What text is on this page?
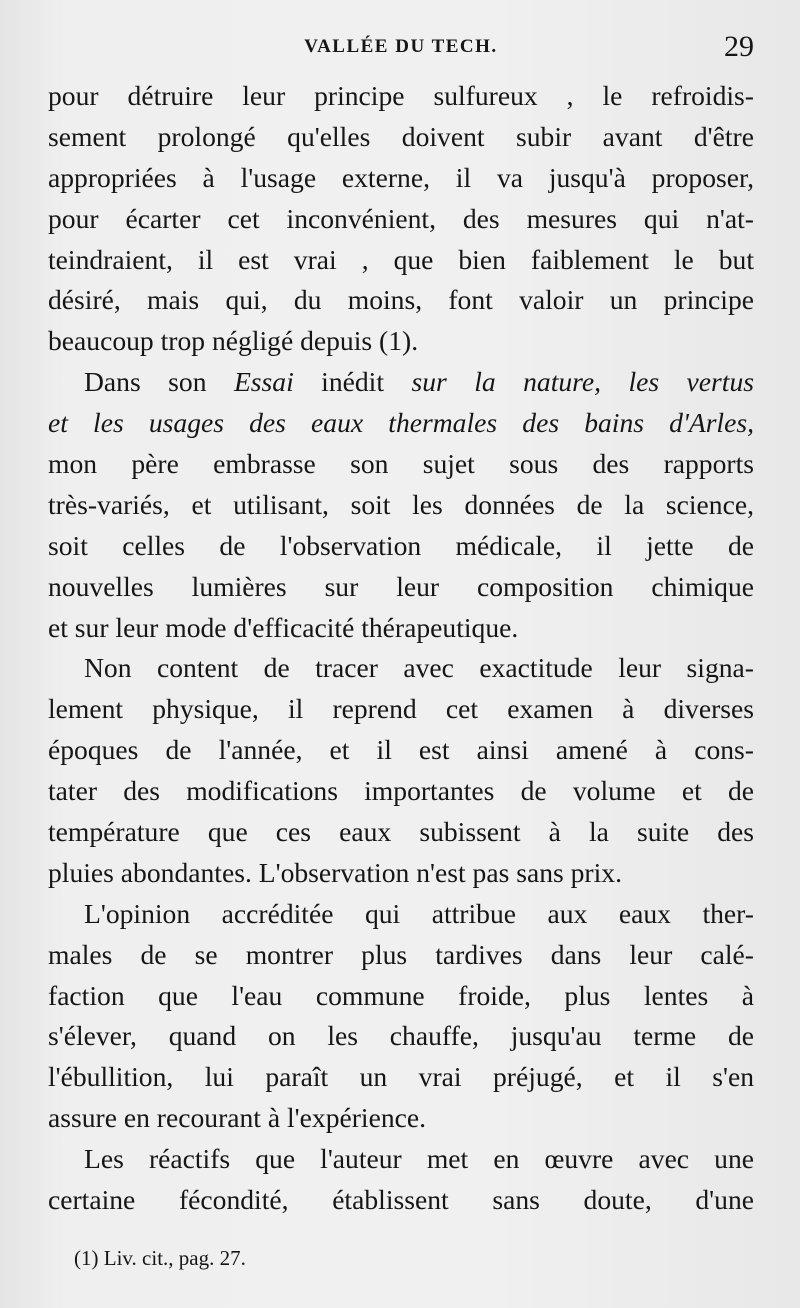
VALLÉE DU TECH.	29
pour détruire leur principe sulfureux , le refroidis-
sement prolongé qu'elles doivent subir avant d'être
appropriées à l'usage externe, il va jusqu'à proposer,
pour écarter cet inconvénient, des mesures qui n'at-
teindraient, il est vrai , que bien faiblement le but
désiré, mais qui, du moins, font valoir un principe
beaucoup trop négligé depuis (1).
Dans son Essai inédit sur la nature, les vertus
et les usages des eaux thermales des bains d'Arles,
mon père embrasse son sujet sous des rapports
très-variés, et utilisant, soit les données de la science,
soit celles de l'observation médicale, il jette de
nouvelles lumières sur leur composition chimique
et sur leur mode d'efficacité thérapeutique.
Non content de tracer avec exactitude leur signa-
lement physique, il reprend cet examen à diverses
époques de l'année, et il est ainsi amené à cons-
tater des modifications importantes de volume et de
température que ces eaux subissent à la suite des
pluies abondantes. L'observation n'est pas sans prix.
L'opinion accréditée qui attribue aux eaux ther-
males de se montrer plus tardives dans leur calé-
faction que l'eau commune froide, plus lentes à
s'élever, quand on les chauffe, jusqu'au terme de
l'ébullition, lui paraît un vrai préjugé, et il s'en
assure en recourant à l'expérience.
Les réactifs que l'auteur met en œuvre avec une
certaine fécondité, établissent sans doute, d'une
(1) Liv. cit., pag. 27.
